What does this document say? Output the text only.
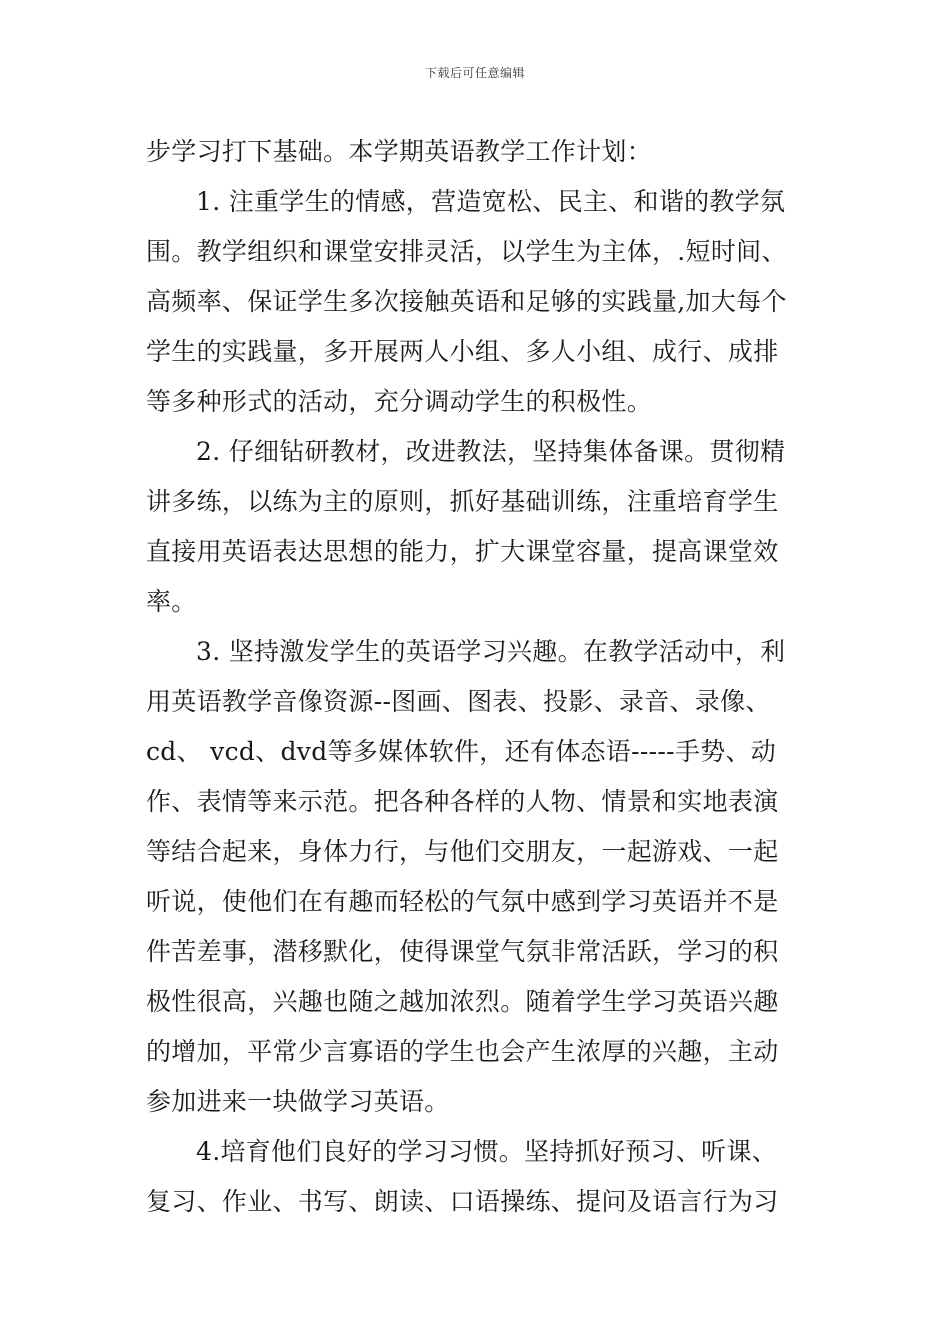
下载后可任意编辑
步学习打下基础。本学期英语教学工作计划：
1. 注重学生的情感，营造宽松、民主、和谐的教学氛
围。教学组织和课堂安排灵活，以学生为主体，.短时间、
高频率、保证学生多次接触英语和足够的实践量,加大每个
学生的实践量，多开展两人小组、多人小组、成行、成排
等多种形式的活动，充分调动学生的积极性。
2. 仔细钻研教材，改进教法，坚持集体备课。贯彻精
讲多练，以练为主的原则，抓好基础训练，注重培育学生
直接用英语表达思想的能力，扩大课堂容量，提高课堂效
率。
3. 坚持激发学生的英语学习兴趣。在教学活动中，利
用英语教学音像资源--图画、图表、投影、录音、录像、
cd、 vcd、dvd等多媒体软件，还有体态语-----手势、动
作、表情等来示范。把各种各样的人物、情景和实地表演
等结合起来，身体力行，与他们交朋友，一起游戏、一起
听说，使他们在有趣而轻松的气氛中感到学习英语并不是
件苦差事，潜移默化，使得课堂气氛非常活跃，学习的积
极性很高，兴趣也随之越加浓烈。随着学生学习英语兴趣
的增加，平常少言寡语的学生也会产生浓厚的兴趣，主动
参加进来一块做学习英语。
4.培育他们良好的学习习惯。坚持抓好预习、听课、
复习、作业、书写、朗读、口语操练、提问及语言行为习
